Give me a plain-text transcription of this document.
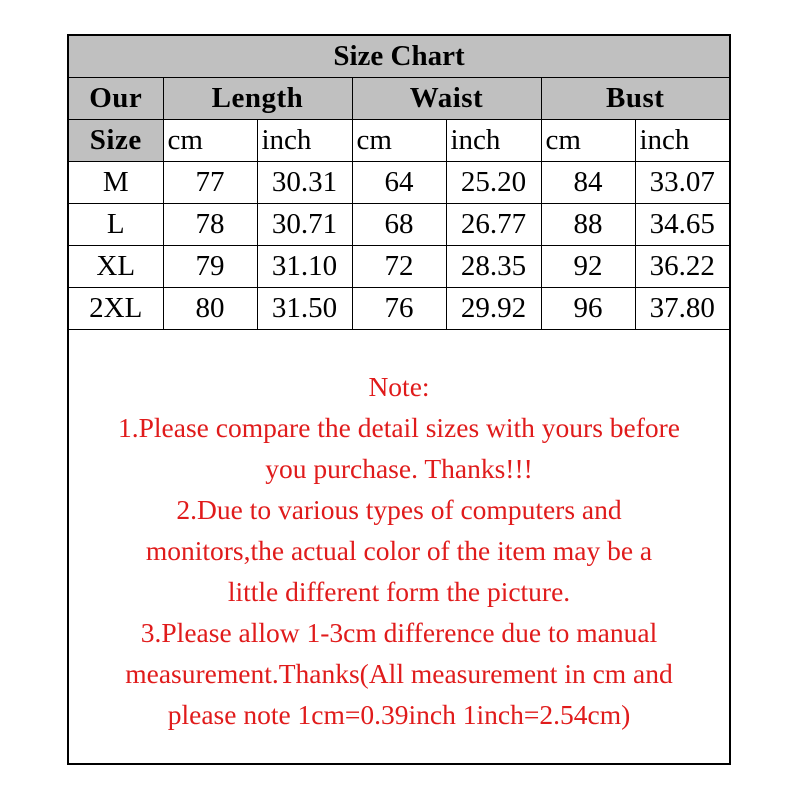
Size Chart						
Our	Length		Waist		Bust	
Size	cm	inch	cm	inch	cm	inch
M	77	30.31	64	25.20	84	33.07
L	78	30.71	68	26.77	88	34.65
XL	79	31.10	72	28.35	92	36.22
2XL	80	31.50	76	29.92	96	37.80
Note:
1.Please compare the detail sizes with yours before
you purchase. Thanks!!!
2.Due to various types of computers and
monitors,the actual color of the item may be a
little different form the picture.
3.Please allow 1-3cm difference due to manual
measurement.Thanks(All measurement in cm and
please note 1cm=0.39inch 1inch=2.54cm)
